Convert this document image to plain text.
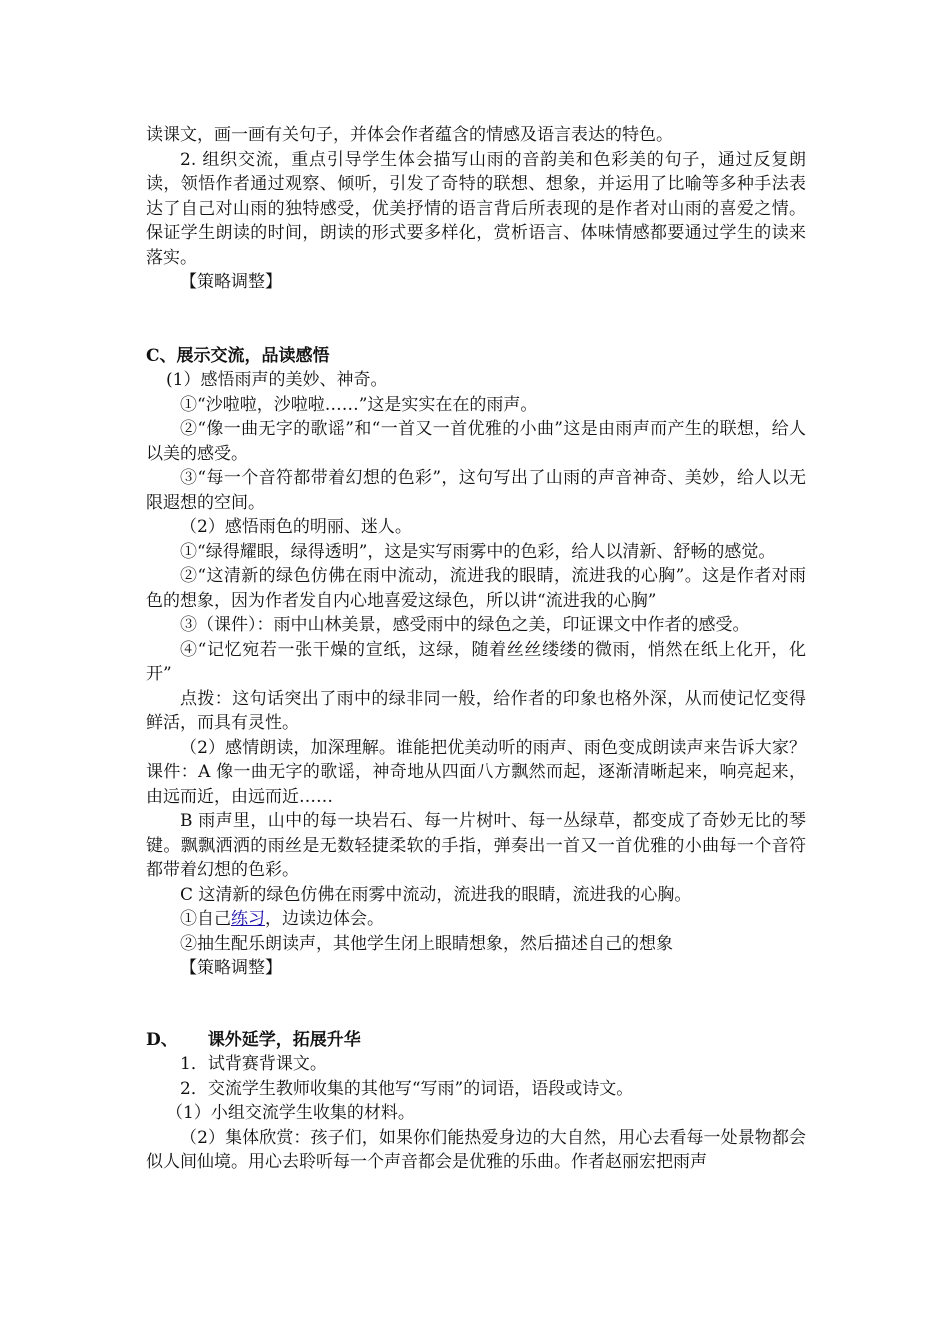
读课文，画一画有关句子，并体会作者蕴含的情感及语言表达的特色。

2. 组织交流，重点引导学生体会描写山雨的音韵美和色彩美的句子，通过反复朗读，领悟作者通过观察、倾听，引发了奇特的联想、想象，并运用了比喻等多种手法表达了自己对山雨的独特感受，优美抒情的语言背后所表现的是作者对山雨的喜爱之情。保证学生朗读的时间，朗读的形式要多样化，赏析语言、体味情感都要通过学生的读来落实。

【策略调整】

C、展示交流，品读感悟

(1）感悟雨声的美妙、神奇。

①“沙啦啦，沙啦啦……”这是实实在在的雨声。

②“像一曲无字的歌谣”和“一首又一首优雅的小曲”这是由雨声而产生的联想，给人以美的感受。

③“每一个音符都带着幻想的色彩”，这句写出了山雨的声音神奇、美妙，给人以无限遐想的空间。

（2）感悟雨色的明丽、迷人。

①“绿得耀眼，绿得透明”，这是实写雨雾中的色彩，给人以清新、舒畅的感觉。

②“这清新的绿色仿佛在雨中流动，流进我的眼睛，流进我的心胸”。这是作者对雨色的想象，因为作者发自内心地喜爱这绿色，所以讲“流进我的心胸”

③（课件）：雨中山林美景，感受雨中的绿色之美，印证课文中作者的感受。

④“记忆宛若一张干燥的宣纸，这绿，随着丝丝缕缕的微雨，悄然在纸上化开，化开”

点拨：这句话突出了雨中的绿非同一般，给作者的印象也格外深，从而使记忆变得鲜活，而具有灵性。

（2）感情朗读，加深理解。谁能把优美动听的雨声、雨色变成朗读声来告诉大家？课件：A 像一曲无字的歌谣，神奇地从四面八方飘然而起，逐渐清晰起来，响亮起来，由远而近，由远而近……

B 雨声里，山中的每一块岩石、每一片树叶、每一丛绿草，都变成了奇妙无比的琴键。飘飘洒洒的雨丝是无数轻捷柔软的手指，弹奏出一首又一首优雅的小曲每一个音符都带着幻想的色彩。

C 这清新的绿色仿佛在雨雾中流动，流进我的眼睛，流进我的心胸。

①自己练习，边读边体会。

②抽生配乐朗读声，其他学生闭上眼睛想象，然后描述自己的想象

【策略调整】

D、 课外延学，拓展升华

1．试背赛背课文。

2．交流学生教师收集的其他写“写雨”的词语，语段或诗文。

（1）小组交流学生收集的材料。

（2）集体欣赏：孩子们，如果你们能热爱身边的大自然，用心去看每一处景物都会似人间仙境。用心去聆听每一个声音都会是优雅的乐曲。作者赵丽宏把雨声
